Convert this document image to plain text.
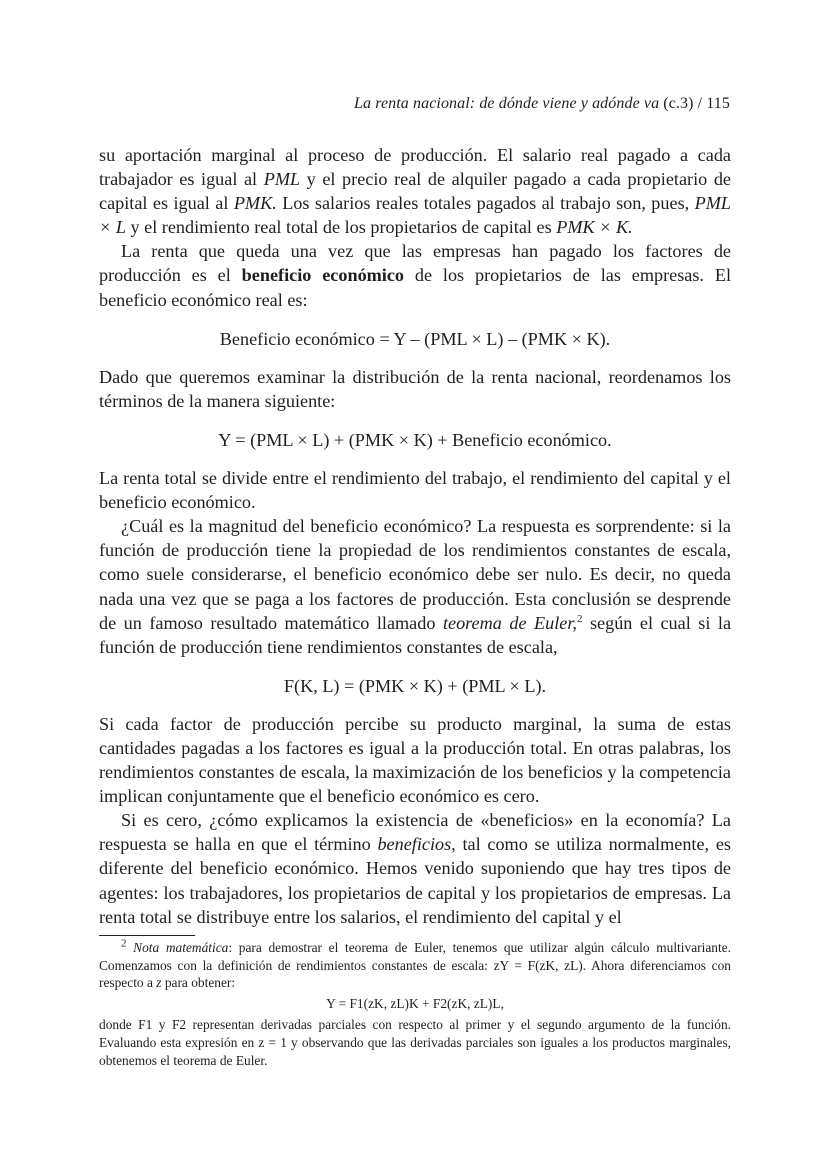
La renta nacional: de dónde viene y adónde va (c.3) / 115

su aportación marginal al proceso de producción. El salario real pagado a cada trabajador es igual al PML y el precio real de alquiler pagado a cada propietario de capital es igual al PMK. Los salarios reales totales pagados al trabajo son, pues, PML × L y el rendimiento real total de los propietarios de capital es PMK × K.

La renta que queda una vez que las empresas han pagado los factores de producción es el beneficio económico de los propietarios de las empresas. El beneficio económico real es:

Beneficio económico = Y – (PML × L) – (PMK × K).

Dado que queremos examinar la distribución de la renta nacional, reordenamos los términos de la manera siguiente:

Y = (PML × L) + (PMK × K) + Beneficio económico.

La renta total se divide entre el rendimiento del trabajo, el rendimiento del capital y el beneficio económico.

¿Cuál es la magnitud del beneficio económico? La respuesta es sorprendente: si la función de producción tiene la propiedad de los rendimientos constantes de escala, como suele considerarse, el beneficio económico debe ser nulo. Es decir, no queda nada una vez que se paga a los factores de producción. Esta conclusión se desprende de un famoso resultado matemático llamado teorema de Euler,$^2$ según el cual si la función de producción tiene rendimientos constantes de escala,

F(K, L) = (PMK × K) + (PML × L).

Si cada factor de producción percibe su producto marginal, la suma de estas cantidades pagadas a los factores es igual a la producción total. En otras palabras, los rendimientos constantes de escala, la maximización de los beneficios y la competencia implican conjuntamente que el beneficio económico es cero.

Si es cero, ¿cómo explicamos la existencia de «beneficios» en la economía? La respuesta se halla en que el término beneficios, tal como se utiliza normalmente, es diferente del beneficio económico. Hemos venido suponiendo que hay tres tipos de agentes: los trabajadores, los propietarios de capital y los propietarios de empresas. La renta total se distribuye entre los salarios, el rendimiento del capital y el

$^2$ Nota matemática: para demostrar el teorema de Euler, tenemos que utilizar algún cálculo multivariante. Comenzamos con la definición de rendimientos constantes de escala: zY = F(zK, zL). Ahora diferenciamos con respecto a z para obtener:

Y = F1(zK, zL)K + F2(zK, zL)L,

donde F1 y F2 representan derivadas parciales con respecto al primer y el segundo argumento de la función. Evaluando esta expresión en z = 1 y observando que las derivadas parciales son iguales a los productos marginales, obtenemos el teorema de Euler.
